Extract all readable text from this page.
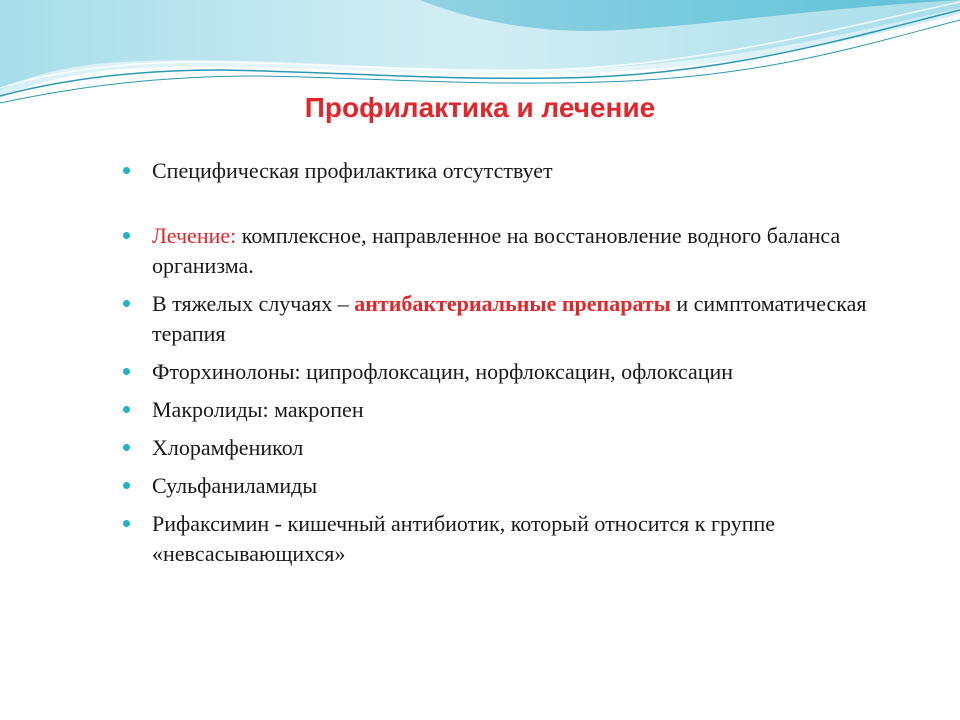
Профилактика и лечение
Специфическая профилактика отсутствует
Лечение: комплексное, направленное на восстановление водного баланса организма.
В тяжелых случаях – антибактериальные препараты и симптоматическая терапия
Фторхинолоны: ципрофлоксацин, норфлоксацин, офлоксацин
Макролиды: макропен
Хлорамфеникол
Сульфаниламиды
Рифаксимин - кишечный антибиотик, который относится к группе «невсасывающихся»
